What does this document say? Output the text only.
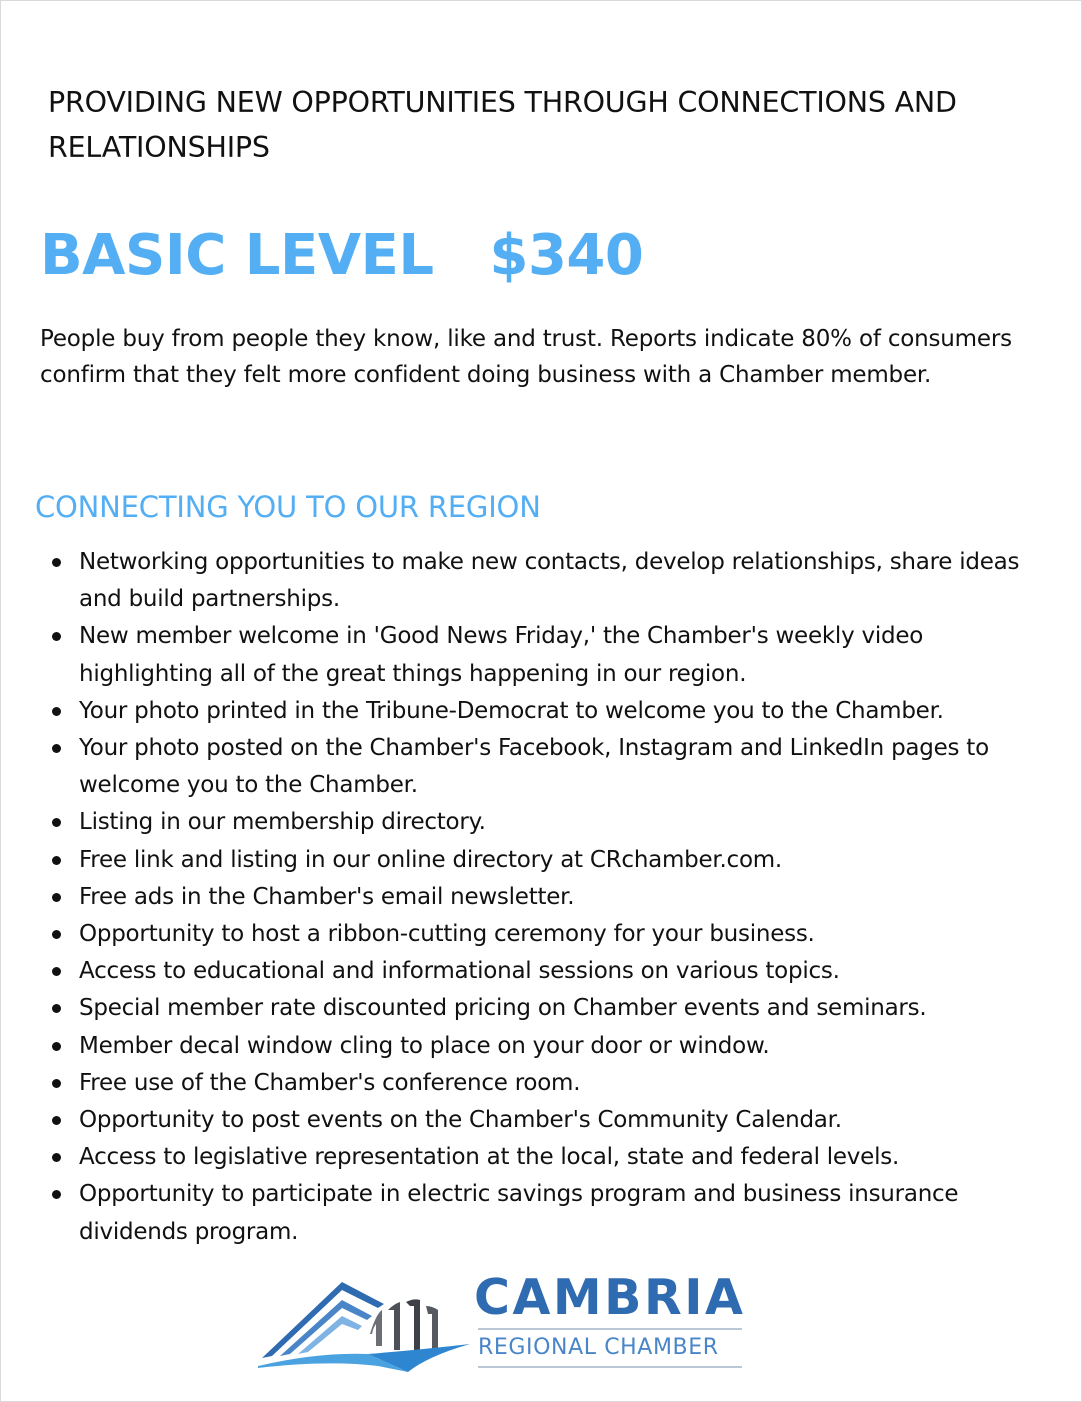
PROVIDING NEW OPPORTUNITIES THROUGH CONNECTIONS AND RELATIONSHIPS
BASIC LEVEL $340
People buy from people they know, like and trust. Reports indicate 80% of consumers confirm that they felt more confident doing business with a Chamber member.
CONNECTING YOU TO OUR REGION
Networking opportunities to make new contacts, develop relationships, share ideas and build partnerships.
New member welcome in 'Good News Friday,' the Chamber's weekly video highlighting all of the great things happening in our region.
Your photo printed in the Tribune-Democrat to welcome you to the Chamber.
Your photo posted on the Chamber's Facebook, Instagram and LinkedIn pages to welcome you to the Chamber.
Listing in our membership directory.
Free link and listing in our online directory at CRchamber.com.
Free ads in the Chamber's email newsletter.
Opportunity to host a ribbon-cutting ceremony for your business.
Access to educational and informational sessions on various topics.
Special member rate discounted pricing on Chamber events and seminars.
Member decal window cling to place on your door or window.
Free use of the Chamber's conference room.
Opportunity to post events on the Chamber's Community Calendar.
Access to legislative representation at the local, state and federal levels.
Opportunity to participate in electric savings program and business insurance dividends program.
CAMBRIA
REGIONAL CHAMBER
